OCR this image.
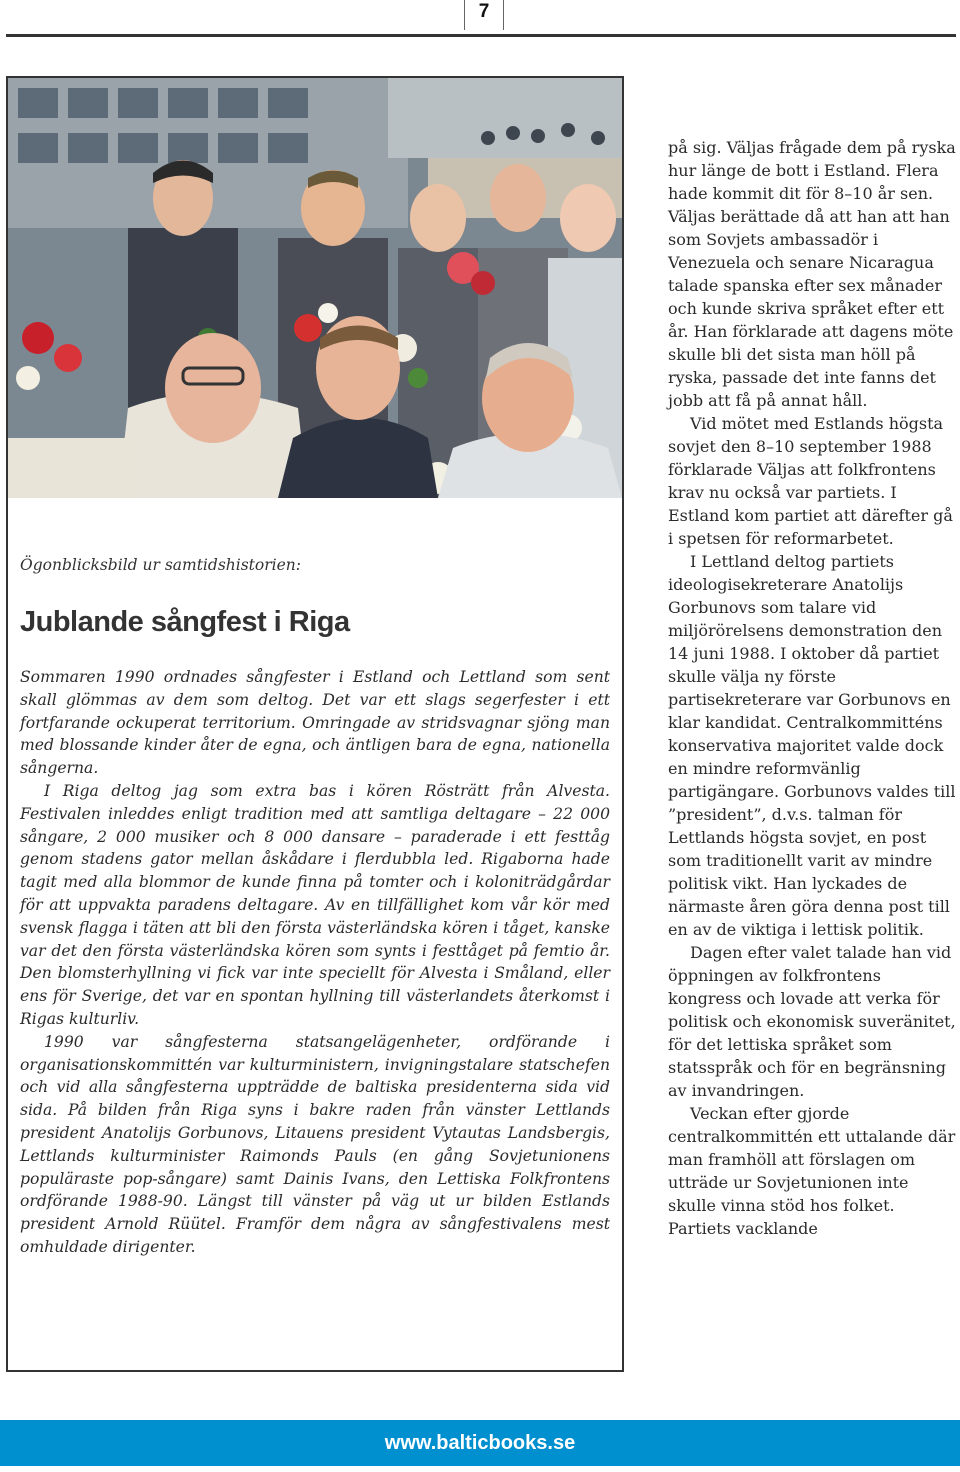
7
Ögonblicksbild ur samtidshistorien:
Jublande sångfest i Riga

Sommaren 1990 ordnades sångfester i Estland och Lettland som sent skall glömmas av dem som deltog. Det var ett slags segerfester i ett fortfarande ockuperat territorium. Omringade av stridsvagnar sjöng man med blossande kinder åter de egna, och äntligen bara de egna, nationella sångerna.

I Riga deltog jag som extra bas i kören Rösträtt från Alvesta. Festivalen inleddes enligt tradition med att samtliga deltagare – 22 000 sångare, 2 000 musiker och 8 000 dansare – paraderade i ett festtåg genom stadens gator mellan åskådare i flerdubbla led. Rigaborna hade tagit med alla blommor de kunde finna på tomter och i koloniträdgårdar för att uppvakta paradens deltagare. Av en tillfällighet kom vår kör med svensk flagga i täten att bli den första västerländska kören i tåget, kanske var det den första västerländska kören som synts i festtåget på femtio år. Den blomsterhyllning vi fick var inte speciellt för Alvesta i Småland, eller ens för Sverige, det var en spontan hyllning till västerlandets återkomst i Rigas kulturliv.

1990 var sångfesterna statsangelägenheter, ordförande i organisationskommittén var kulturministern, invigningstalare statschefen och vid alla sångfesterna uppträdde de baltiska presidenterna sida vid sida. På bilden från Riga syns i bakre raden från vänster Lettlands president Anatolijs Gorbunovs, Litauens president Vytautas Landsbergis, Lettlands kulturminister Raimonds Pauls (en gång Sovjetunionens populäraste pop-sångare) samt Dainis Ivans, den Lettiska Folkfrontens ordförande 1988-90. Längst till vänster på väg ut ur bilden Estlands president Arnold Rüütel. Framför dem några av sångfestivalens mest omhuldade dirigenter.

på sig. Väljas frågade dem på ryska hur länge de bott i Estland. Flera hade kommit dit för 8–10 år sen. Väljas berättade då att han att han som Sovjets ambassadör i Venezuela och senare Nicaragua talade spanska efter sex månader och kunde skriva språket efter ett år. Han förklarade att dagens möte skulle bli det sista man höll på ryska, passade det inte fanns det jobb att få på annat håll.

Vid mötet med Estlands högsta sovjet den 8–10 september 1988 förklarade Väljas att folkfrontens krav nu också var partiets. I Estland kom partiet att därefter gå i spetsen för reformarbetet.

I Lettland deltog partiets ideologisekreterare Anatolijs Gorbunovs som talare vid miljörörelsens demonstration den 14 juni 1988. I oktober då partiet skulle välja ny förste partisekreterare var Gorbunovs en klar kandidat. Centralkommitténs konservativa majoritet valde dock en mindre reformvänlig partigängare. Gorbunovs valdes till ”president”, d.v.s. talman för Lettlands högsta sovjet, en post som traditionellt varit av mindre politisk vikt. Han lyckades de närmaste åren göra denna post till en av de viktiga i lettisk politik.

Dagen efter valet talade han vid öppningen av folkfrontens kongress och lovade att verka för politisk och ekonomisk suveränitet, för det lettiska språket som statsspråk och för en begränsning av invandringen.

Veckan efter gjorde centralkommittén ett uttalande där man framhöll att förslagen om utträde ur Sovjetunionen inte skulle vinna stöd hos folket. Partiets vacklande

www.balticbooks.se
